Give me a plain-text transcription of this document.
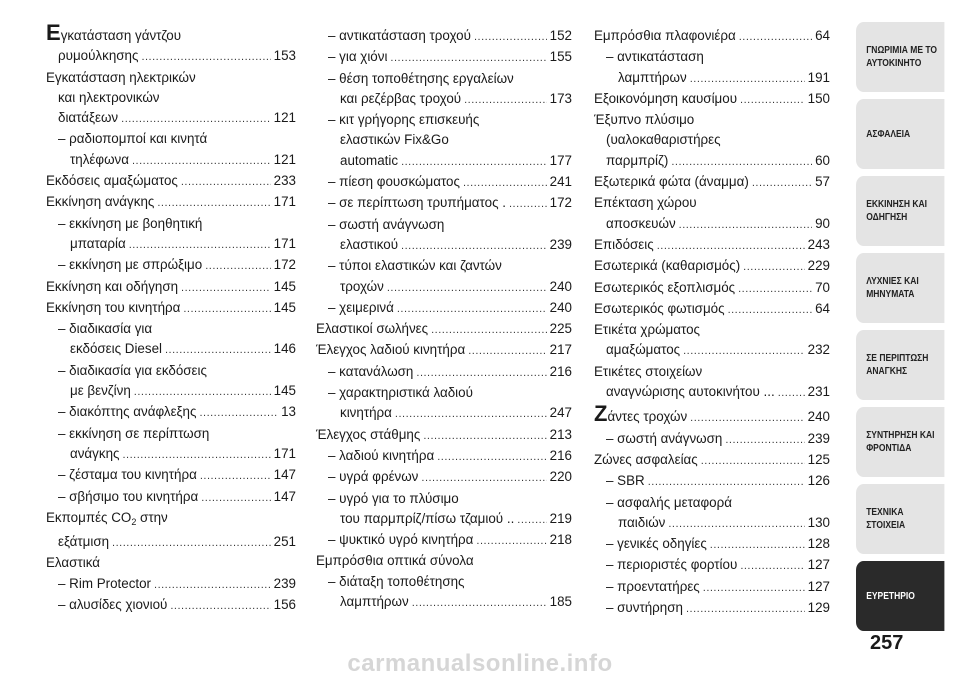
Εγκατάσταση γάντζου
ρυμούλκησης .....	153
Εγκατάσταση ηλεκτρικών
και ηλεκτρονικών
διατάξεων .....	121
– ραδιοπομποί και κινητά
τηλέφωνα .....	121
Εκδόσεις αμαξώματος .....	233
Εκκίνηση ανάγκης .....	171
– εκκίνηση με βοηθητική
μπαταρία .....	171
– εκκίνηση με σπρώξιμο .....	172
Εκκίνηση και οδήγηση .....	145
Εκκίνηση του κινητήρα .....	145
– διαδικασία για
εκδόσεις Diesel .....	146
– διαδικασία για εκδόσεις
με βενζίνη .....	145
– διακόπτης ανάφλεξης .....	13
– εκκίνηση σε περίπτωση
ανάγκης .....	171
– ζέσταμα του κινητήρα .....	147
– σβήσιμο του κινητήρα .....	147
Εκπομπές $CO_2$ στην
εξάτμιση .....	251
Ελαστικά
– Rim Protector .....	239
– αλυσίδες χιονιού .....	156
– αντικατάσταση τροχού .....	152
– για χιόνι .....	155
– θέση τοποθέτησης εργαλείων
και ρεζέρβας τροχού .....	173
– κιτ γρήγορης επισκευής
ελαστικών Fix&Go
automatic .....	177
– πίεση φουσκώματος .....	241
– σε περίπτωση τρυπήματος . .....	172
– σωστή ανάγνωση
ελαστικού .....	239
– τύποι ελαστικών και ζαντών
τροχών .....	240
– χειμερινά .....	240
Ελαστικοί σωλήνες .....	225
Έλεγχος λαδιού κινητήρα .....	217
– κατανάλωση .....	216
– χαρακτηριστικά λαδιού
κινητήρα .....	247
Έλεγχος στάθμης .....	213
– λαδιού κινητήρα .....	216
– υγρά φρένων .....	220
– υγρό για το πλύσιμο
του παρμπρίζ/πίσω τζαμιού .. .....	219
– ψυκτικό υγρό κινητήρα .....	218
Εμπρόσθια οπτικά σύνολα
– διάταξη τοποθέτησης
λαμπτήρων .....	185
Εμπρόσθια πλαφονιέρα .....	64
– αντικατάσταση
λαμπτήρων .....	191
Εξοικονόμηση καυσίμου .....	150
Έξυπνο πλύσιμο
(υαλοκαθαριστήρες
παρμπρίζ) .....	60
Εξωτερικά φώτα (άναμμα) .....	57
Επέκταση χώρου
αποσκευών .....	90
Επιδόσεις .....	243
Εσωτερικά (καθαρισμός) .....	229
Εσωτερικός εξοπλισμός .....	70
Εσωτερικός φωτισμός .....	64
Ετικέτα χρώματος
αμαξώματος .....	232
Ετικέτες στοιχείων
αναγνώρισης αυτοκινήτου ... ..... 231
Ζάντες τροχών .....	240
– σωστή ανάγνωση .....	239
Ζώνες ασφαλείας .....	125
– SBR .....	126
– ασφαλής μεταφορά
παιδιών .....	130
– γενικές οδηγίες .....	128
– περιοριστές φορτίου .....	127
– προεντατήρες .....	127
– συντήρηση .....	129
ΓΝΩΡΙΜΙΑ ΜΕ ΤΟ
ΑΥΤΟΚΙΝΗΤΟ
ΑΣΦΑΛΕΙΑ
ΕΚΚΙΝΗΣΗ ΚΑΙ
ΟΔΗΓΗΣΗ
ΛΥΧΝΙΕΣ ΚΑΙ
ΜΗΝΥΜΑΤΑ
ΣΕ ΠΕΡΙΠΤΩΣΗ
ΑΝΑΓΚΗΣ
ΣΥΝΤΗΡΗΣΗ ΚΑΙ
ΦΡΟΝΤΙΔΑ
ΤΕΧΝΙΚΑ ΣΤΟΙΧΕΙΑ
ΕΥΡΕΤΗΡΙΟ
257
carmanualsonline.info
